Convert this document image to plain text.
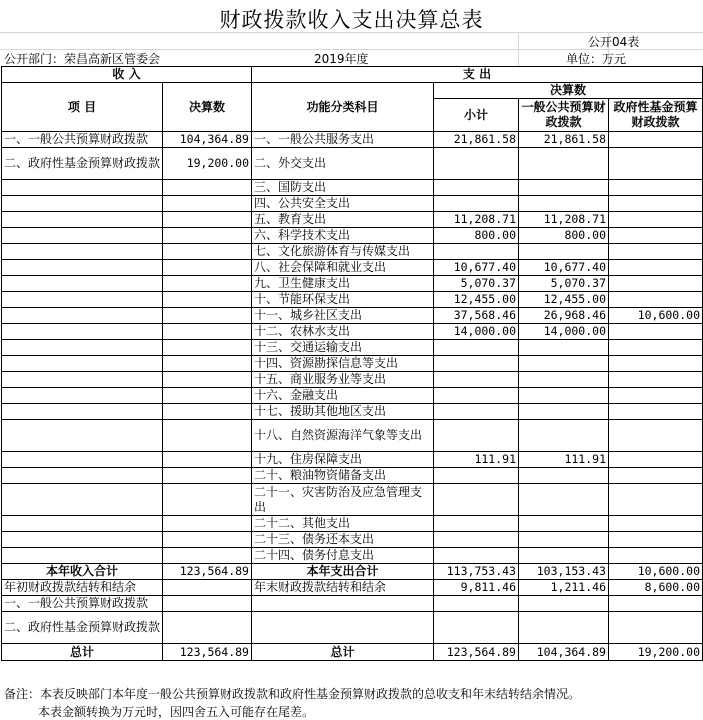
财政拨款收入支出决算总表
公开04表
公开部门：荣昌高新区管委会	2019年度	单位：万元
收 入		支 出			
项 目	决算数	功能分类科目	决算数		
			小计	一般公共预算财政拨款	政府性基金预算财政拨款
一、一般公共预算财政拨款	104,364.89	一、一般公共服务支出	21,861.58	21,861.58	
二、政府性基金预算财政拨款	19,200.00	二、外交支出			
		三、国防支出			
		四、公共安全支出			
		五、教育支出	11,208.71	11,208.71	
		六、科学技术支出	800.00	800.00	
		七、文化旅游体育与传媒支出			
		八、社会保障和就业支出	10,677.40	10,677.40	
		九、卫生健康支出	5,070.37	5,070.37	
		十、节能环保支出	12,455.00	12,455.00	
		十一、城乡社区支出	37,568.46	26,968.46	10,600.00
		十二、农林水支出	14,000.00	14,000.00	
		十三、交通运输支出			
		十四、资源勘探信息等支出			
		十五、商业服务业等支出			
		十六、金融支出			
		十七、援助其他地区支出			
		十八、自然资源海洋气象等支出			
		十九、住房保障支出	111.91	111.91	
		二十、粮油物资储备支出			
		二十一、灾害防治及应急管理支出			
		二十二、其他支出			
		二十三、债务还本支出			
		二十四、债务付息支出			
本年收入合计	123,564.89	本年支出合计	113,753.43	103,153.43	10,600.00
年初财政拨款结转和结余		年末财政拨款结转和结余	9,811.46	1,211.46	8,600.00
一、一般公共预算财政拨款					
二、政府性基金预算财政拨款					
总计	123,564.89	总计	123,564.89	104,364.89	19,200.00
备注：本表反映部门本年度一般公共预算财政拨款和政府性基金预算财政拨款的总收支和年末结转结余情况。
本表金额转换为万元时，因四舍五入可能存在尾差。
